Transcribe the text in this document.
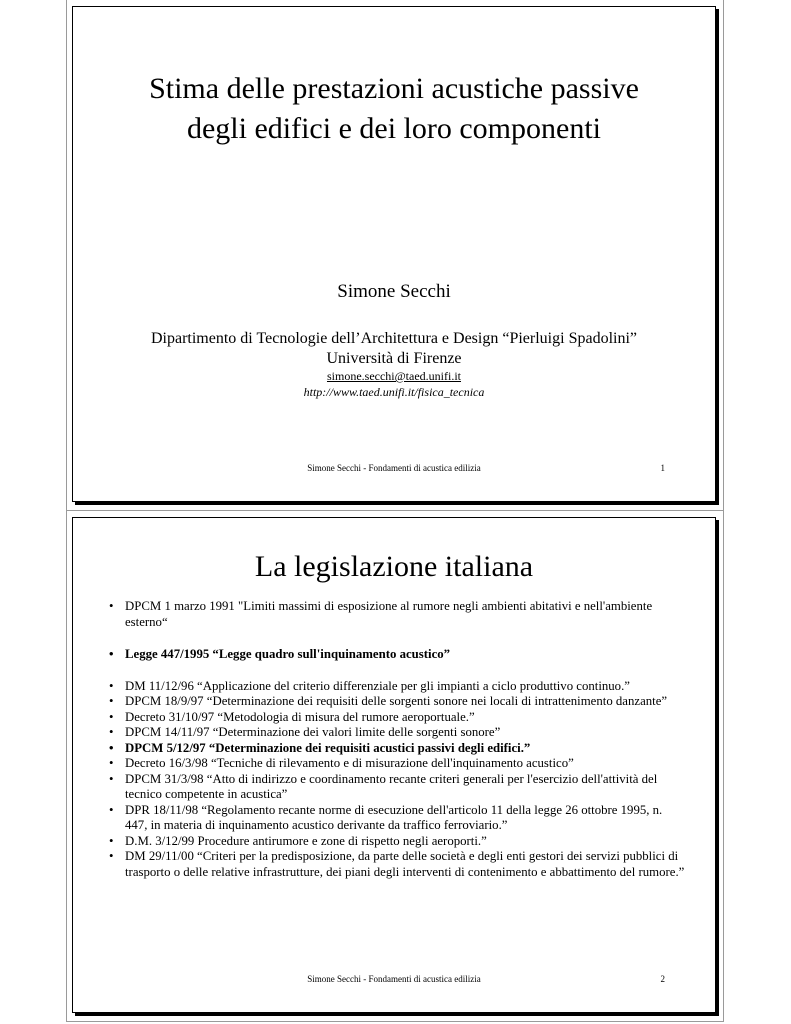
Stima delle prestazioni acustiche passive
degli edifici e dei loro componenti
Simone Secchi
Dipartimento di Tecnologie dell’Architettura e Design “Pierluigi Spadolini”
Università di Firenze
simone.secchi@taed.unifi.it
http://www.taed.unifi.it/fisica_tecnica
Simone Secchi - Fondamenti di acustica edilizia	1
La legislazione italiana
• DPCM 1 marzo 1991 "Limiti massimi di esposizione al rumore negli ambienti abitativi e nell'ambiente esterno“
• Legge 447/1995 “Legge quadro sull'inquinamento acustico”
• DM 11/12/96 “Applicazione del criterio differenziale per gli impianti a ciclo produttivo continuo.”
• DPCM 18/9/97 “Determinazione dei requisiti delle sorgenti sonore nei locali di intrattenimento danzante”
• Decreto 31/10/97 “Metodologia di misura del rumore aeroportuale.”
• DPCM 14/11/97 “Determinazione dei valori limite delle sorgenti sonore”
• DPCM 5/12/97 “Determinazione dei requisiti acustici passivi degli edifici.”
• Decreto 16/3/98 “Tecniche di rilevamento e di misurazione dell'inquinamento acustico”
• DPCM 31/3/98 “Atto di indirizzo e coordinamento recante criteri generali per l'esercizio dell'attività del tecnico competente in acustica”
• DPR 18/11/98 “Regolamento recante norme di esecuzione dell'articolo 11 della legge 26 ottobre 1995, n. 447, in materia di inquinamento acustico derivante da traffico ferroviario.”
• D.M. 3/12/99 Procedure antirumore e zone di rispetto negli aeroporti.”
• DM 29/11/00 “Criteri per la predisposizione, da parte delle società e degli enti gestori dei servizi pubblici di trasporto o delle relative infrastrutture, dei piani degli interventi di contenimento e abbattimento del rumore.”
Simone Secchi - Fondamenti di acustica edilizia	2
